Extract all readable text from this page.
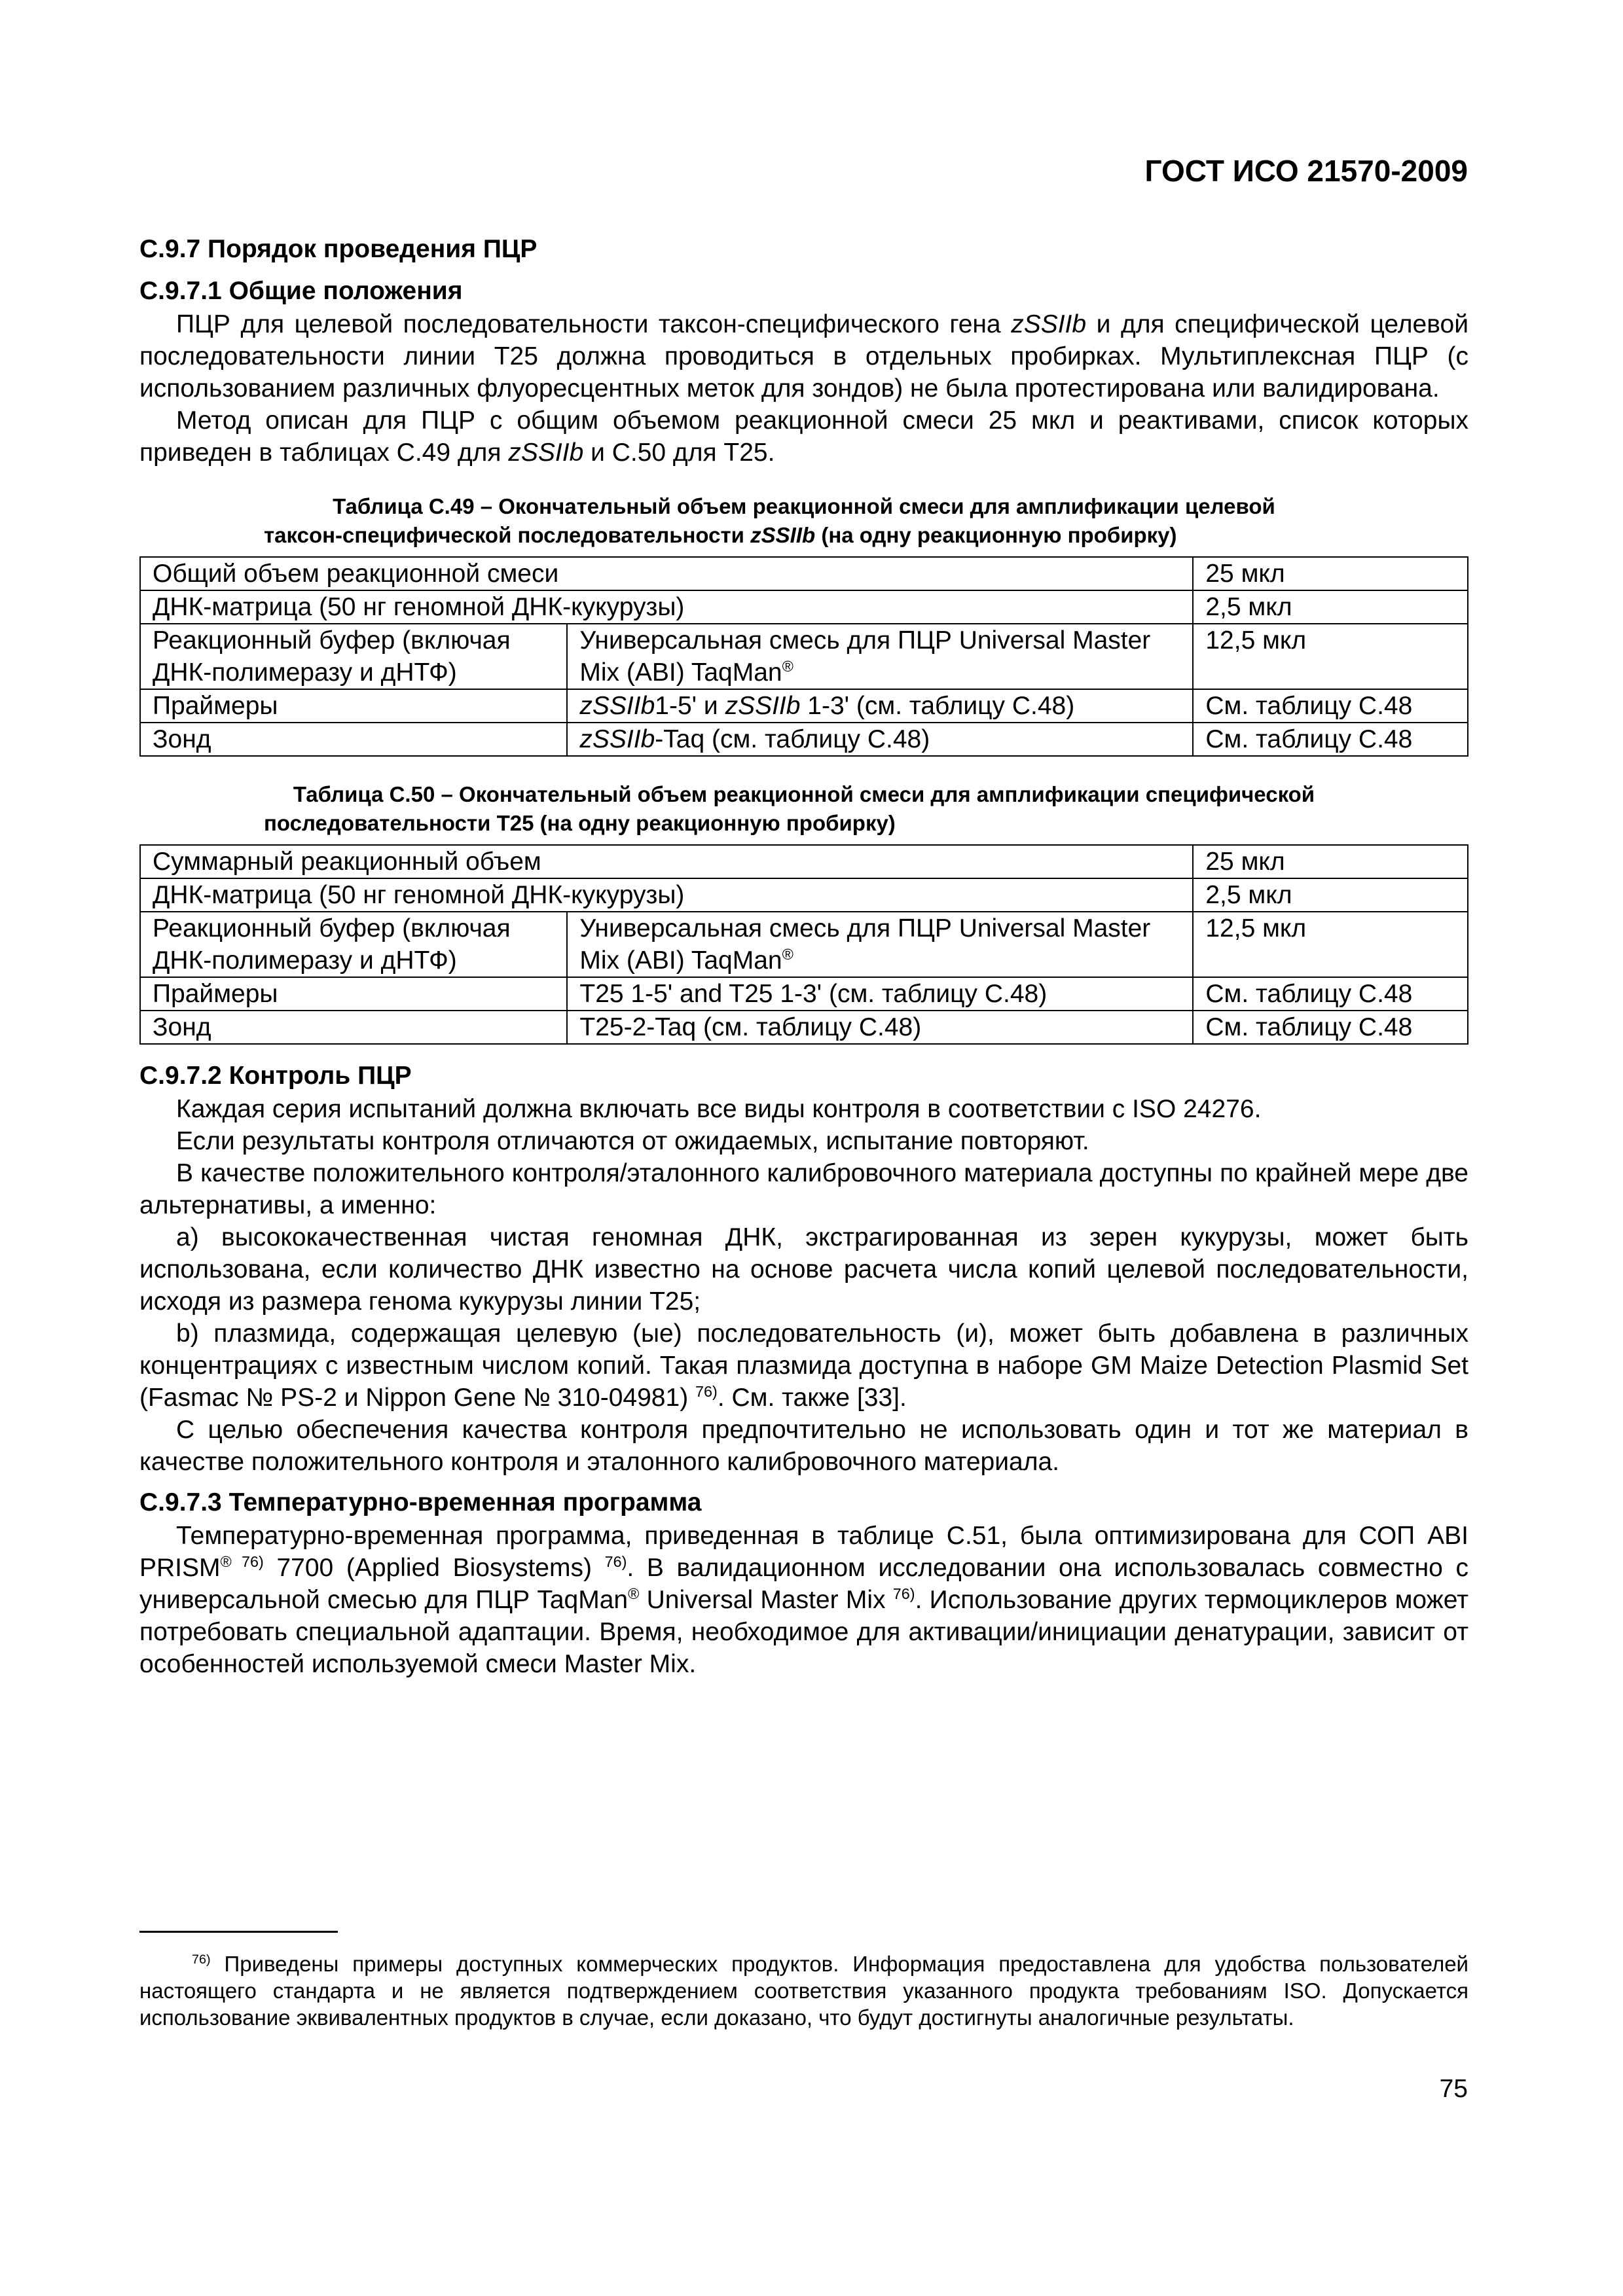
ГОСТ ИСО 21570-2009

С.9.7 Порядок проведения ПЦР

С.9.7.1 Общие положения

ПЦР для целевой последовательности таксон-специфического гена zSSIIb и для специфической целевой последовательности линии Т25 должна проводиться в отдельных пробирках. Мультиплексная ПЦР (с использованием различных флуоресцентных меток для зондов) не была протестирована или валидирована.

Метод описан для ПЦР с общим объемом реакционной смеси 25 мкл и реактивами, список которых приведен в таблицах С.49 для zSSIIb и С.50 для Т25.

Таблица С.49 – Окончательный объем реакционной смеси для амплификации целевой
таксон-специфической последовательности zSSIIb (на одну реакционную пробирку)

Общий объем реакционной смеси		25 мкл
ДНК-матрица (50 нг геномной ДНК-кукурузы)		2,5 мкл
Реакционный буфер (включая ДНК-полимеразу и дНТФ)	Универсальная смесь для ПЦР Universal Master Mix (ABI) TaqMan®	12,5 мкл
Праймеры	zSSIIb1-5' и zSSIIb 1-3' (см. таблицу С.48)	См. таблицу С.48
Зонд	zSSIIb-Taq (см. таблицу С.48)	См. таблицу С.48

Таблица С.50 – Окончательный объем реакционной смеси для амплификации специфической
последовательности Т25 (на одну реакционную пробирку)

Суммарный реакционный объем		25 мкл
ДНК-матрица (50 нг геномной ДНК-кукурузы)		2,5 мкл
Реакционный буфер (включая ДНК-полимеразу и дНТФ)	Универсальная смесь для ПЦР Universal Master Mix (ABI) TaqMan®	12,5 мкл
Праймеры	Т25 1-5' and T25 1-3' (см. таблицу С.48)	См. таблицу С.48
Зонд	Т25-2-Taq (см. таблицу С.48)	См. таблицу С.48

С.9.7.2 Контроль ПЦР

Каждая серия испытаний должна включать все виды контроля в соответствии с ISO 24276.

Если результаты контроля отличаются от ожидаемых, испытание повторяют.

В качестве положительного контроля/эталонного калибровочного материала доступны по крайней мере две альтернативы, а именно:

а) высококачественная чистая геномная ДНК, экстрагированная из зерен кукурузы, может быть использована, если количество ДНК известно на основе расчета числа копий целевой последовательности, исходя из размера генома кукурузы линии Т25;

b) плазмида, содержащая целевую (ые) последовательность (и), может быть добавлена в различных концентрациях с известным числом копий. Такая плазмида доступна в наборе GM Maize Detection Plasmid Set (Fasmac № PS-2 и Nippon Gene № 310-04981) $^{76)}$. См. также [33].

С целью обеспечения качества контроля предпочтительно не использовать один и тот же материал в качестве положительного контроля и эталонного калибровочного материала.

С.9.7.3 Температурно-временная программа

Температурно-временная программа, приведенная в таблице С.51, была оптимизирована для СОП ABI $PRISM^{® 76)}$ 7700 (Applied Biosystems) $^{76)}$. В валидационном исследовании она использовалась совместно с универсальной смесью для ПЦР TaqMan® Universal Master Mix $^{76)}$. Использование других термоциклеров может потребовать специальной адаптации. Время, необходимое для активации/инициации денатурации, зависит от особенностей используемой смеси Master Mix.

$^{76)}$ Приведены примеры доступных коммерческих продуктов. Информация предоставлена для удобства пользователей настоящего стандарта и не является подтверждением соответствия указанного продукта требованиям ISO. Допускается использование эквивалентных продуктов в случае, если доказано, что будут достигнуты аналогичные результаты.

75
